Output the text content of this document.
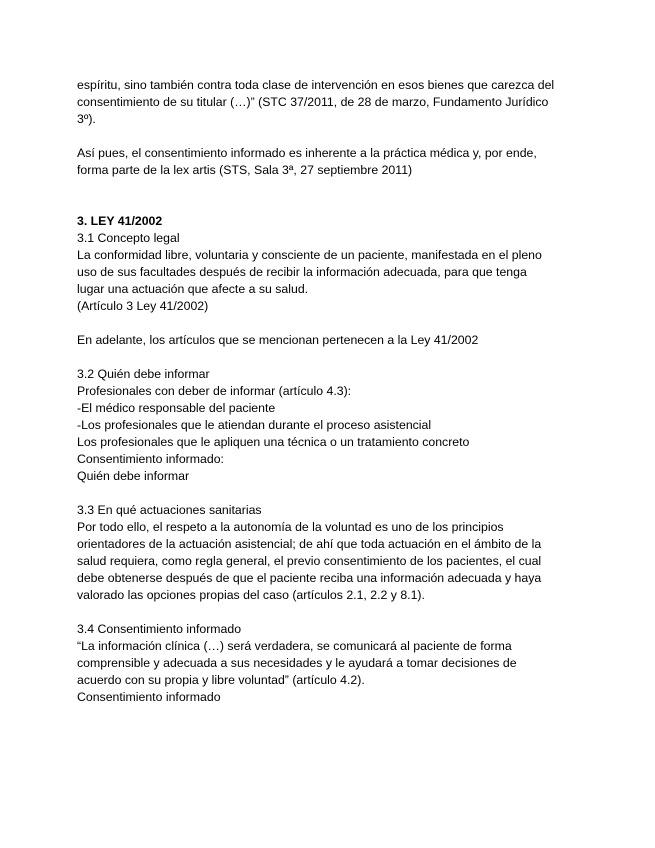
espíritu, sino también contra toda clase de intervención en esos bienes que carezca del
consentimiento de su titular (…)” (STC 37/2011, de 28 de marzo, Fundamento Jurídico
3º).
Así pues, el consentimiento informado es inherente a la práctica médica y, por ende,
forma parte de la lex artis (STS, Sala 3ª, 27 septiembre 2011)
3. LEY 41/2002
3.1 Concepto legal
La conformidad libre, voluntaria y consciente de un paciente, manifestada en el pleno
uso de sus facultades después de recibir la información adecuada, para que tenga
lugar una actuación que afecte a su salud.
(Artículo 3 Ley 41/2002)
En adelante, los artículos que se mencionan pertenecen a la Ley 41/2002
3.2 Quién debe informar
Profesionales con deber de informar (artículo 4.3):
-El médico responsable del paciente
-Los profesionales que le atiendan durante el proceso asistencial
Los profesionales que le apliquen una técnica o un tratamiento concreto
Consentimiento informado:
Quién debe informar
3.3 En qué actuaciones sanitarias
Por todo ello, el respeto a la autonomía de la voluntad es uno de los principios
orientadores de la actuación asistencial; de ahí que toda actuación en el ámbito de la
salud requiera, como regla general, el previo consentimiento de los pacientes, el cual
debe obtenerse después de que el paciente reciba una información adecuada y haya
valorado las opciones propias del caso (artículos 2.1, 2.2 y 8.1).
3.4 Consentimiento informado
“La información clínica (…) será verdadera, se comunicará al paciente de forma
comprensible y adecuada a sus necesidades y le ayudará a tomar decisiones de
acuerdo con su propia y libre voluntad” (artículo 4.2).
Consentimiento informado
